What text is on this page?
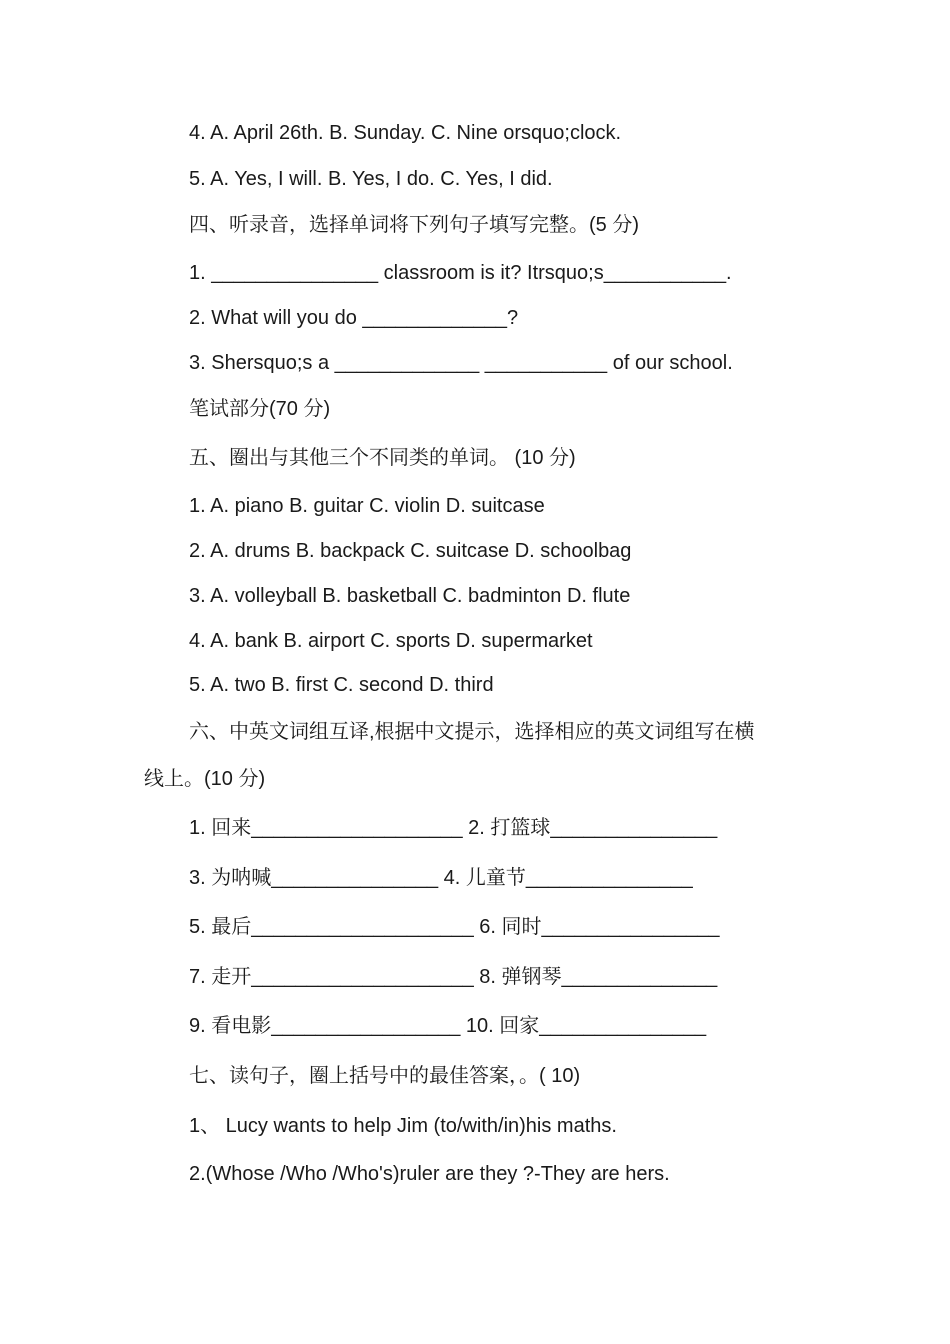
4. A. April 26th. B. Sunday. C. Nine orsquo;clock.
5. A. Yes, I will. B. Yes, I do. C. Yes, I did.
四、听录音，选择单词将下列句子填写完整。(5 分)
1. _______________ classroom is it? Itrsquo;s___________.
2. What will you do _____________?
3. Shersquo;s a _____________ ___________ of our school.
笔试部分(70 分)
五、圈出与其他三个不同类的单词。 (10 分)
1. A. piano B. guitar C. violin D. suitcase
2. A. drums B. backpack C. suitcase D. schoolbag
3. A. volleyball B. basketball C. badminton D. flute
4. A. bank B. airport C. sports D. supermarket
5. A. two B. first C. second D. third
六、中英文词组互译,根据中文提示，选择相应的英文词组写在横
线上。(10 分)
1. 回来___________________ 2. 打篮球_______________
3. 为呐喊_______________ 4. 儿童节_______________
5. 最后____________________ 6. 同时________________
7. 走开____________________ 8. 弹钢琴______________
9. 看电影_________________ 10. 回家_______________
七、读句子，圈上括号中的最佳答案，。( 10)
1、 Lucy wants to help Jim (to/with/in)his maths.
2.(Whose /Who /Who's)ruler are they ?-They are hers.
